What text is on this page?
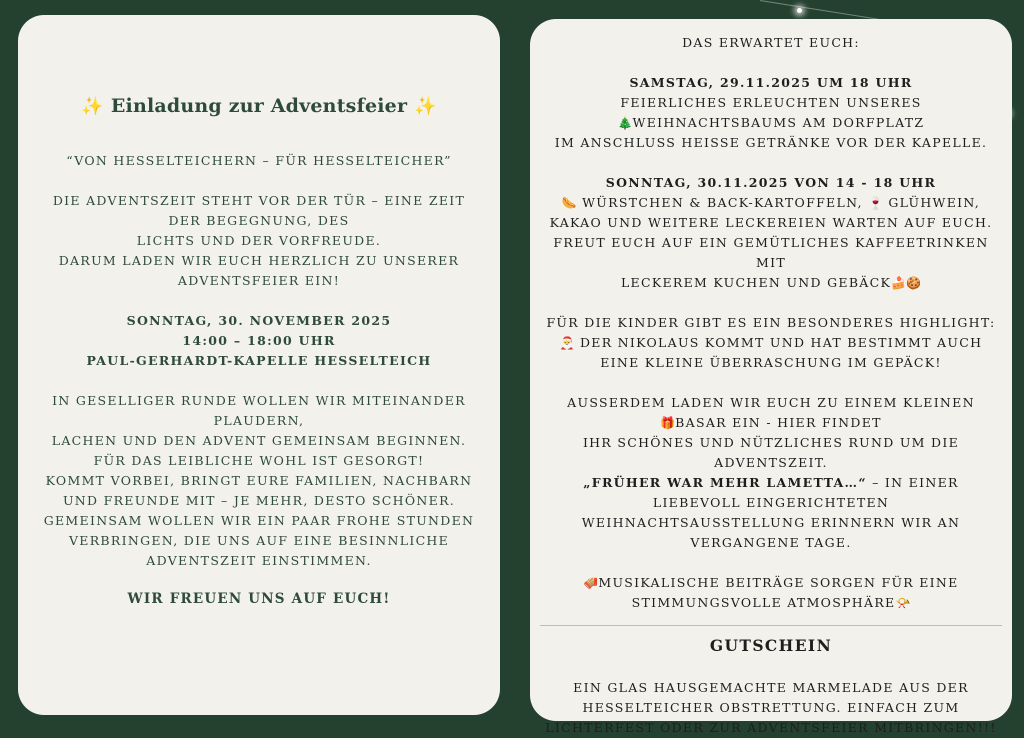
✨ Einladung zur Adventsfeier ✨
“VON HESSELTEICHERN – FÜR HESSELTEICHER”
DIE ADVENTSZEIT STEHT VOR DER TÜR – EINE ZEIT DER BEGEGNUNG, DES
LICHTS UND DER VORFREUDE.
DARUM LADEN WIR EUCH HERZLICH ZU UNSERER ADVENTSFEIER EIN!
SONNTAG, 30. NOVEMBER 2025
14:00 – 18:00 UHR
PAUL-GERHARDT-KAPELLE HESSELTEICH
IN GESELLIGER RUNDE WOLLEN WIR MITEINANDER PLAUDERN,
LACHEN UND DEN ADVENT GEMEINSAM BEGINNEN.
FÜR DAS LEIBLICHE WOHL IST GESORGT!
KOMMT VORBEI, BRINGT EURE FAMILIEN, NACHBARN UND FREUNDE MIT – JE MEHR, DESTO SCHÖNER.
GEMEINSAM WOLLEN WIR EIN PAAR FROHE STUNDEN VERBRINGEN, DIE UNS AUF EINE BESINNLICHE ADVENTSZEIT EINSTIMMEN.
WIR FREUEN UNS AUF EUCH!
DAS ERWARTET EUCH:
SAMSTAG, 29.11.2025 UM 18 UHR
FEIERLICHES ERLEUCHTEN UNSERES
🎄WEIHNACHTSBAUMS AM DORFPLATZ
IM ANSCHLUSS HEISSE GETRÄNKE VOR DER KAPELLE.
SONNTAG, 30.11.2025 VON 14 - 18 UHR
🌭 WÜRSTCHEN & BACK-KARTOFFELN, 🍷 GLÜHWEIN,
KAKAO UND WEITERE LECKEREIEN WARTEN AUF EUCH.
FREUT EUCH AUF EIN GEMÜTLICHES KAFFEETRINKEN MIT
LECKEREM KUCHEN UND GEBÄCK🍰🍪
FÜR DIE KINDER GIBT ES EIN BESONDERES HIGHLIGHT:
🎅 DER NIKOLAUS KOMMT UND HAT BESTIMMT AUCH EINE KLEINE ÜBERRASCHUNG IM GEPÄCK!
AUSSERDEM LADEN WIR EUCH ZU EINEM KLEINEN
🎁BASAR EIN - HIER FINDET
IHR SCHÖNES UND NÜTZLICHES RUND UM DIE ADVENTSZEIT.
„FRÜHER WAR MEHR LAMETTA…“ – IN EINER LIEBEVOLL EINGERICHTETEN WEIHNACHTSAUSSTELLUNG ERINNERN WIR AN VERGANGENE TAGE.
🪗MUSIKALISCHE BEITRÄGE SORGEN FÜR EINE
STIMMUNGSVOLLE ATMOSPHÄRE📯
GUTSCHEIN
EIN GLAS HAUSGEMACHTE MARMELADE AUS DER HESSELTEICHER OBSTRETTUNG. EINFACH ZUM LICHTERFEST ODER ZUR ADVENTSFEIER MITBRINGEN!!!
